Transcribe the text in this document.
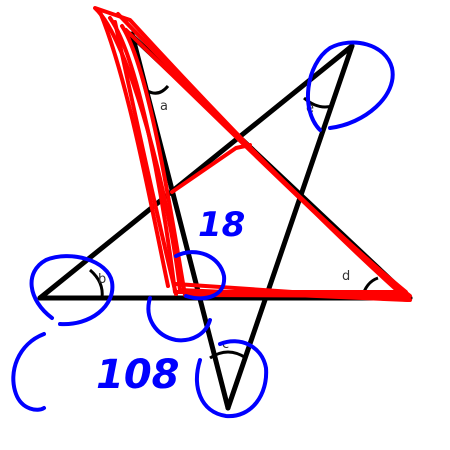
a
b
c
d
e
18
108
